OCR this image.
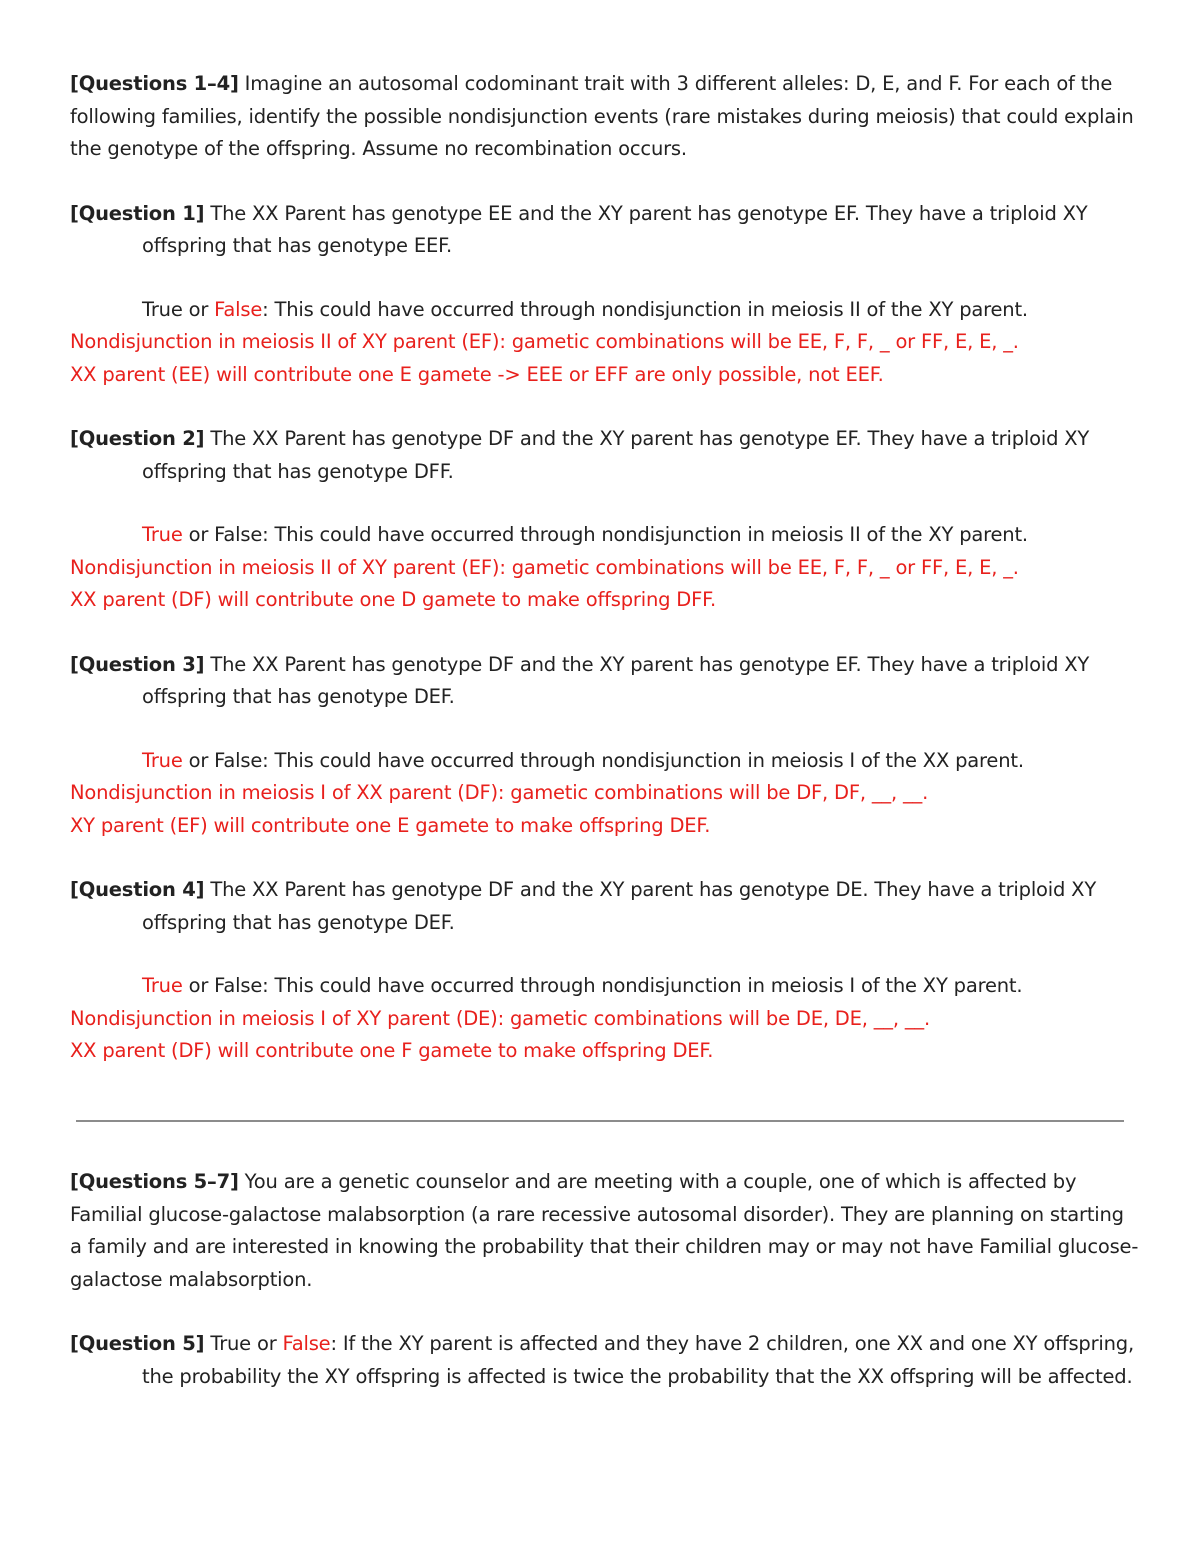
[Questions 1–4] Imagine an autosomal codominant trait with 3 different alleles: D, E, and F. For each of the following families, identify the possible nondisjunction events (rare mistakes during meiosis) that could explain the genotype of the offspring. Assume no recombination occurs.

[Question 1] The XX Parent has genotype EE and the XY parent has genotype EF. They have a triploid XY offspring that has genotype EEF.

True or False: This could have occurred through nondisjunction in meiosis II of the XY parent.

Nondisjunction in meiosis II of XY parent (EF): gametic combinations will be EE, F, F, _ or FF, E, E, _.

XX parent (EE) will contribute one E gamete -> EEE or EFF are only possible, not EEF.

[Question 2] The XX Parent has genotype DF and the XY parent has genotype EF. They have a triploid XY offspring that has genotype DFF.

True or False: This could have occurred through nondisjunction in meiosis II of the XY parent.

Nondisjunction in meiosis II of XY parent (EF): gametic combinations will be EE, F, F, _ or FF, E, E, _.

XX parent (DF) will contribute one D gamete to make offspring DFF.

[Question 3] The XX Parent has genotype DF and the XY parent has genotype EF. They have a triploid XY offspring that has genotype DEF.

True or False: This could have occurred through nondisjunction in meiosis I of the XX parent.

Nondisjunction in meiosis I of XX parent (DF): gametic combinations will be DF, DF, __, __.

XY parent (EF) will contribute one E gamete to make offspring DEF.

[Question 4] The XX Parent has genotype DF and the XY parent has genotype DE. They have a triploid XY offspring that has genotype DEF.

True or False: This could have occurred through nondisjunction in meiosis I of the XY parent.

Nondisjunction in meiosis I of XY parent (DE): gametic combinations will be DE, DE, __, __.

XX parent (DF) will contribute one F gamete to make offspring DEF.

[Questions 5–7] You are a genetic counselor and are meeting with a couple, one of which is affected by Familial glucose-galactose malabsorption (a rare recessive autosomal disorder). They are planning on starting a family and are interested in knowing the probability that their children may or may not have Familial glucose-galactose malabsorption.

[Question 5] True or False: If the XY parent is affected and they have 2 children, one XX and one XY offspring, the probability the XY offspring is affected is twice the probability that the XX offspring will be affected.
